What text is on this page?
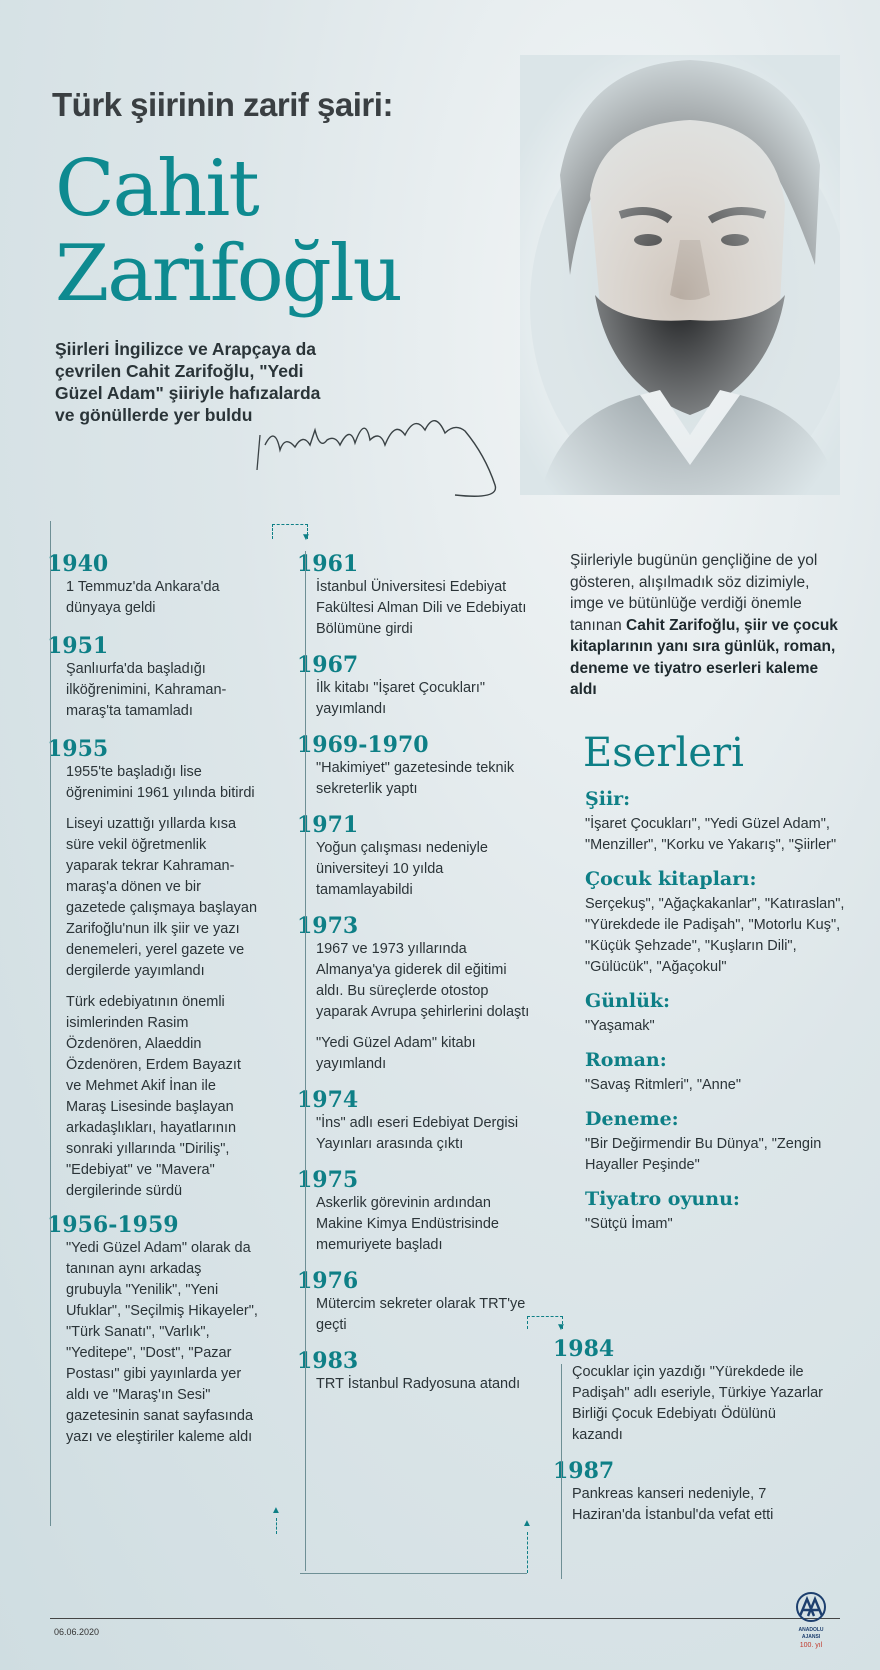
Türk şiirinin zarif şairi:
Cahit
Zarifoğlu
Şiirleri İngilizce ve Arapçaya da çevrilen Cahit Zarifoğlu, "Yedi Güzel Adam" şiiriyle hafızalarda ve gönüllerde yer buldu
1940

1 Temmuz'da Ankara'da dünyaya geldi

1951

Şanlıurfa'da başladığı ilköğrenimini, Kahraman-maraş'ta tamamladı

1955

1955'te başladığı lise öğrenimini 1961 yılında bitirdi

Liseyi uzattığı yıllarda kısa süre vekil öğretmenlik yaparak tekrar Kahraman-maraş'a dönen ve bir gazetede çalışmaya başlayan Zarifoğlu'nun ilk şiir ve yazı denemeleri, yerel gazete ve dergilerde yayımlandı

Türk edebiyatının önemli isimlerinden Rasim Özdenören, Alaeddin Özdenören, Erdem Bayazıt ve Mehmet Akif İnan ile Maraş Lisesinde başlayan arkadaşlıkları, hayatlarının sonraki yıllarında "Diriliş", "Edebiyat" ve "Mavera" dergilerinde sürdü

1956-1959

"Yedi Güzel Adam" olarak da tanınan aynı arkadaş grubuyla "Yenilik", "Yeni Ufuklar", "Seçilmiş Hikayeler", "Türk Sanatı", "Varlık", "Yeditepe", "Dost", "Pazar Postası" gibi yayınlarda yer aldı ve "Maraş'ın Sesi" gazetesinin sanat sayfasında yazı ve eleştiriler kaleme aldı

▼
▲
1961

İstanbul Üniversitesi Edebiyat Fakültesi Alman Dili ve Edebiyatı Bölümüne girdi

1967

İlk kitabı "İşaret Çocukları" yayımlandı

1969-1970

"Hakimiyet" gazetesinde teknik sekreterlik yaptı

1971

Yoğun çalışması nedeniyle üniversiteyi 10 yılda tamamlayabildi

1973

1967 ve 1973 yıllarında Almanya'ya giderek dil eğitimi aldı. Bu süreçlerde otostop yaparak Avrupa şehirlerini dolaştı

"Yedi Güzel Adam" kitabı yayımlandı

1974

"İns" adlı eseri Edebiyat Dergisi Yayınları arasında çıktı

1975

Askerlik görevinin ardından Makine Kimya Endüstrisinde memuriyete başladı

1976

Mütercim sekreter olarak TRT'ye geçti

1983

TRT İstanbul Radyosuna atandı

▲
▼
1984

Çocuklar için yazdığı "Yürekdede ile Padişah" adlı eseriyle, Türkiye Yazarlar Birliği Çocuk Edebiyatı Ödülünü kazandı

1987

Pankreas kanseri nedeniyle, 7 Haziran'da İstanbul'da vefat etti

Şiirleriyle bugünün gençliğine de yol gösteren, alışılmadık söz dizimiyle, imge ve bütünlüğe verdiği önemle tanınan Cahit Zarifoğlu, şiir ve çocuk kitaplarının yanı sıra günlük, roman, deneme ve tiyatro eserleri kaleme aldı
Eserleri
Şiir:
"İşaret Çocukları", "Yedi Güzel Adam", "Menziller", "Korku ve Yakarış", "Şiirler"
Çocuk kitapları:
Serçekuş", "Ağaçkakanlar", "Katıraslan", "Yürekdede ile Padişah", "Motorlu Kuş", "Küçük Şehzade", "Kuşların Dili", "Gülücük", "Ağaçokul"
Günlük:
"Yaşamak"
Roman:
"Savaş Ritmleri", "Anne"
Deneme:
"Bir Değirmendir Bu Dünya", "Zengin Hayaller Peşinde"
Tiyatro oyunu:
"Sütçü İmam"
06.06.2020	ANADOLU AJANSI
100. yıl
